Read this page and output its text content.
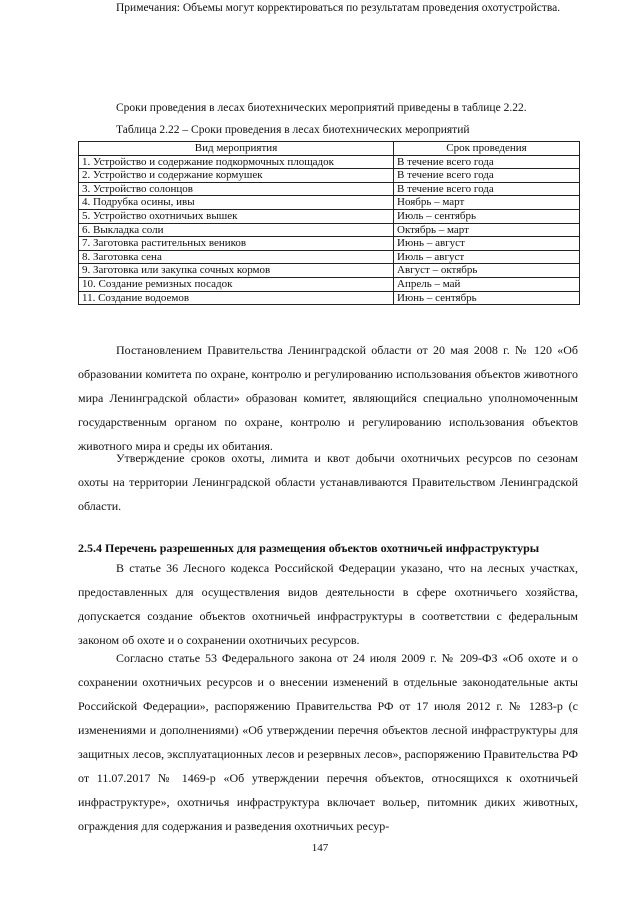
Примечания: Объемы могут корректироваться по результатам проведения охотустройства.

Сроки проведения в лесах биотехнических мероприятий приведены в таблице 2.22.

Таблица 2.22 – Сроки проведения в лесах биотехнических мероприятий
Вид мероприятия	Срок проведения
1. Устройство и содержание подкормочных площадок	В течение всего года
2. Устройство и содержание кормушек	В течение всего года
3. Устройство солонцов	В течение всего года
4. Подрубка осины, ивы	Ноябрь – март
5. Устройство охотничьих вышек	Июль – сентябрь
6. Выкладка соли	Октябрь – март
7. Заготовка растительных веников	Июнь – август
8. Заготовка сена	Июль – август
9. Заготовка или закупка сочных кормов	Август – октябрь
10. Создание ремизных посадок	Апрель – май
11. Создание водоемов	Июнь – сентябрь

Постановлением Правительства Ленинградской области от 20 мая 2008 г. № 120 «Об образовании комитета по охране, контролю и регулированию использования объектов животного мира Ленинградской области» образован комитет, являющийся специально уполномоченным государственным органом по охране, контролю и регулированию использования объектов животного мира и среды их обитания.

Утверждение сроков охоты, лимита и квот добычи охотничьих ресурсов по сезонам охоты на территории Ленинградской области устанавливаются Правительством Ленинградской области.

2.5.4 Перечень разрешенных для размещения объектов охотничьей инфраструктуры

В статье 36 Лесного кодекса Российской Федерации указано, что на лесных участках, предоставленных для осуществления видов деятельности в сфере охотничьего хозяйства, допускается создание объектов охотничьей инфраструктуры в соответствии с федеральным законом об охоте и о сохранении охотничьих ресурсов.

Согласно статье 53 Федерального закона от 24 июля 2009 г. № 209-ФЗ «Об охоте и о сохранении охотничьих ресурсов и о внесении изменений в отдельные законодательные акты Российской Федерации», распоряжению Правительства РФ от 17 июля 2012 г. № 1283-р (с изменениями и дополнениями) «Об утверждении перечня объектов лесной инфраструктуры для защитных лесов, эксплуатационных лесов и резервных лесов», распоряжению Правительства РФ от 11.07.2017 № 1469-р «Об утверждении перечня объектов, относящихся к охотничьей инфраструктуре», охотничья инфраструктура включает вольер, питомник диких животных, ограждения для содержания и разведения охотничьих ресур-

147
